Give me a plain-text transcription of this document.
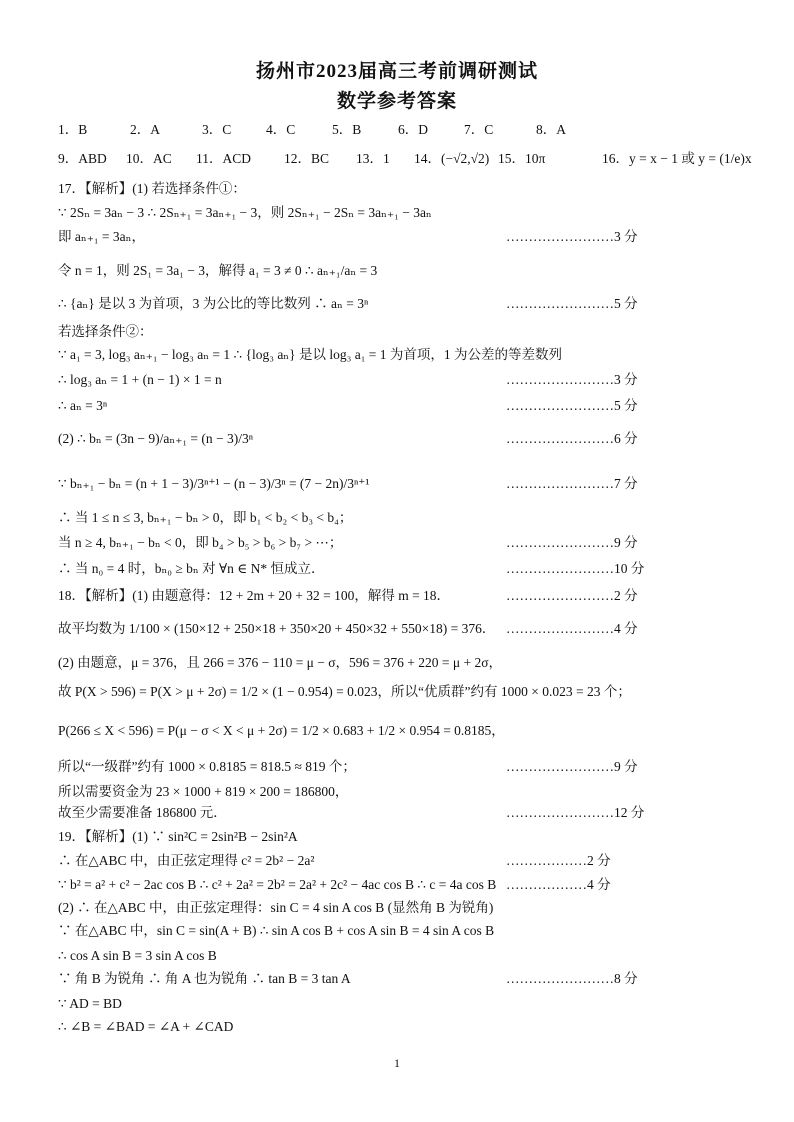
扬州市2023届高三考前调研测试
数学参考答案
1．B	2．A	3．C	4．C	5．B	6．D	7．C	8．A
9．ABD 10．AC 11．ACD 12．BC 13．1 14．(−√2,√2) 15．10π	16．y = x − 1 或 y = (1/e)x
17．【解析】(1) 若选择条件①：
∵ 2Sₙ = 3aₙ − 3 ∴ 2Sₙ₊₁ = 3aₙ₊₁ − 3，则 2Sₙ₊₁ − 2Sₙ = 3aₙ₊₁ − 3aₙ
即 aₙ₊₁ = 3aₙ，	……………………3 分
令 n = 1，则 2S₁ = 3a₁ − 3，解得 a₁ = 3 ≠ 0 ∴ aₙ₊₁/aₙ = 3
∴ {aₙ} 是以 3 为首项，3 为公比的等比数列 ∴ aₙ = 3ⁿ	……………………5 分
若选择条件②：
∵ a₁ = 3, log₃ aₙ₊₁ − log₃ aₙ = 1 ∴ {log₃ aₙ} 是以 log₃ a₁ = 1 为首项，1 为公差的等差数列
∴ log₃ aₙ = 1 + (n − 1) × 1 = n	……………………3 分
∴ aₙ = 3ⁿ	……………………5 分
(2) ∴ bₙ = (3n − 9)/aₙ₊₁ = (n − 3)/3ⁿ	……………………6 分
∵ bₙ₊₁ − bₙ = (n + 1 − 3)/3ⁿ⁺¹ − (n − 3)/3ⁿ = (7 − 2n)/3ⁿ⁺¹	……………………7 分
∴ 当 1 ≤ n ≤ 3, bₙ₊₁ − bₙ > 0，即 b₁ < b₂ < b₃ < b₄；
当 n ≥ 4, bₙ₊₁ − bₙ < 0，即 b₄ > b₅ > b₆ > b₇ > ⋯；	……………………9 分
∴ 当 n₀ = 4 时，bₙ₀ ≥ bₙ 对 ∀n ∈ N* 恒成立．	……………………10 分
18．【解析】(1) 由题意得：12 + 2m + 20 + 32 = 100，解得 m = 18．	……………………2 分
故平均数为 1/100 × (150×12 + 250×18 + 350×20 + 450×32 + 550×18) = 376． ……………………4 分
(2) 由题意，μ = 376，且 266 = 376 − 110 = μ − σ，596 = 376 + 220 = μ + 2σ，
故 P(X > 596) = P(X > μ + 2σ) = 1/2 × (1 − 0.954) = 0.023，所以“优质群”约有 1000 × 0.023 = 23 个；
P(266 ≤ X < 596) = P(μ − σ < X < μ + 2σ) = 1/2 × 0.683 + 1/2 × 0.954 = 0.8185，
所以“一级群”约有 1000 × 0.8185 = 818.5 ≈ 819 个；	……………………9 分
所以需要资金为 23 × 1000 + 819 × 200 = 186800，
故至少需要准备 186800 元．	……………………12 分
19．【解析】(1) ∵ sin²C = 2sin²B − 2sin²A
∴ 在△ABC 中，由正弦定理得 c² = 2b² − 2a²	………………2 分
∵ b² = a² + c² − 2ac cos B ∴ c² + 2a² = 2b² = 2a² + 2c² − 4ac cos B ∴ c = 4a cos B ………………4 分
(2) ∴ 在△ABC 中，由正弦定理得：sin C = 4 sin A cos B (显然角 B 为锐角)
∵ 在△ABC 中，sin C = sin(A + B) ∴ sin A cos B + cos A sin B = 4 sin A cos B
∴ cos A sin B = 3 sin A cos B
∵ 角 B 为锐角 ∴ 角 A 也为锐角 ∴ tan B = 3 tan A	……………………8 分
∵ AD = BD
∴ ∠B = ∠BAD = ∠A + ∠CAD
1
